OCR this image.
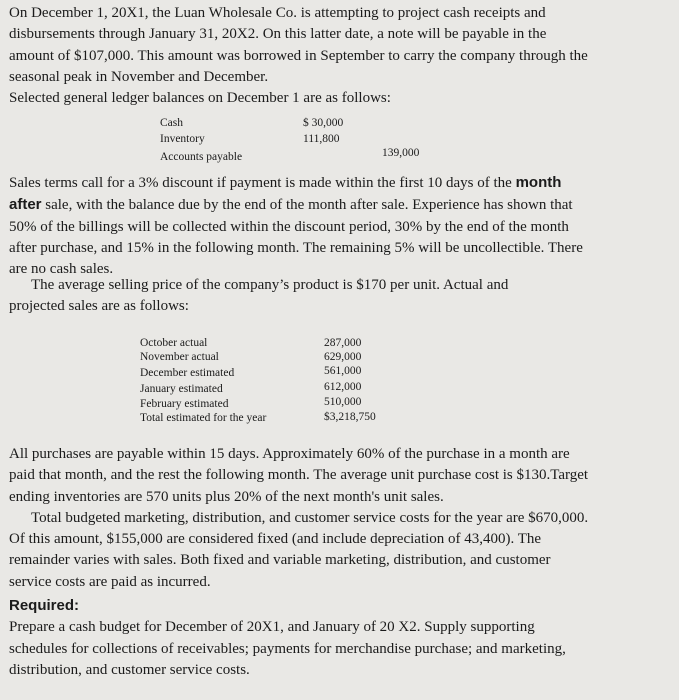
On December 1, 20X1, the Luan Wholesale Co. is attempting to project cash receipts and
disbursements through January 31, 20X2. On this latter date, a note will be payable in the
amount of $107,000. This amount was borrowed in September to carry the company through the
seasonal peak in November and December.
Selected general ledger balances on December 1 are as follows:

Cash	$ 30,000
Inventory	111,800
Accounts payable	139,000

Sales terms call for a 3% discount if payment is made within the first 10 days of the month
after sale, with the balance due by the end of the month after sale. Experience has shown that
50% of the billings will be collected within the discount period, 30% by the end of the month
after purchase, and 15% in the following month. The remaining 5% will be uncollectible. There
are no cash sales.

The average selling price of the company’s product is $170 per unit. Actual and
projected sales are as follows:

October actual	287,000
November actual	629,000
December estimated	561,000
January estimated	612,000
February estimated	510,000
Total estimated for the year	$3,218,750

All purchases are payable within 15 days. Approximately 60% of the purchase in a month are
paid that month, and the rest the following month. The average unit purchase cost is $130.Target
ending inventories are 570 units plus 20% of the next month's unit sales.
Total budgeted marketing, distribution, and customer service costs for the year are $670,000.
Of this amount, $155,000 are considered fixed (and include depreciation of 43,400). The
remainder varies with sales. Both fixed and variable marketing, distribution, and customer
service costs are paid as incurred.

Required:
Prepare a cash budget for December of 20X1, and January of 20 X2. Supply supporting
schedules for collections of receivables; payments for merchandise purchase; and marketing,
distribution, and customer service costs.
